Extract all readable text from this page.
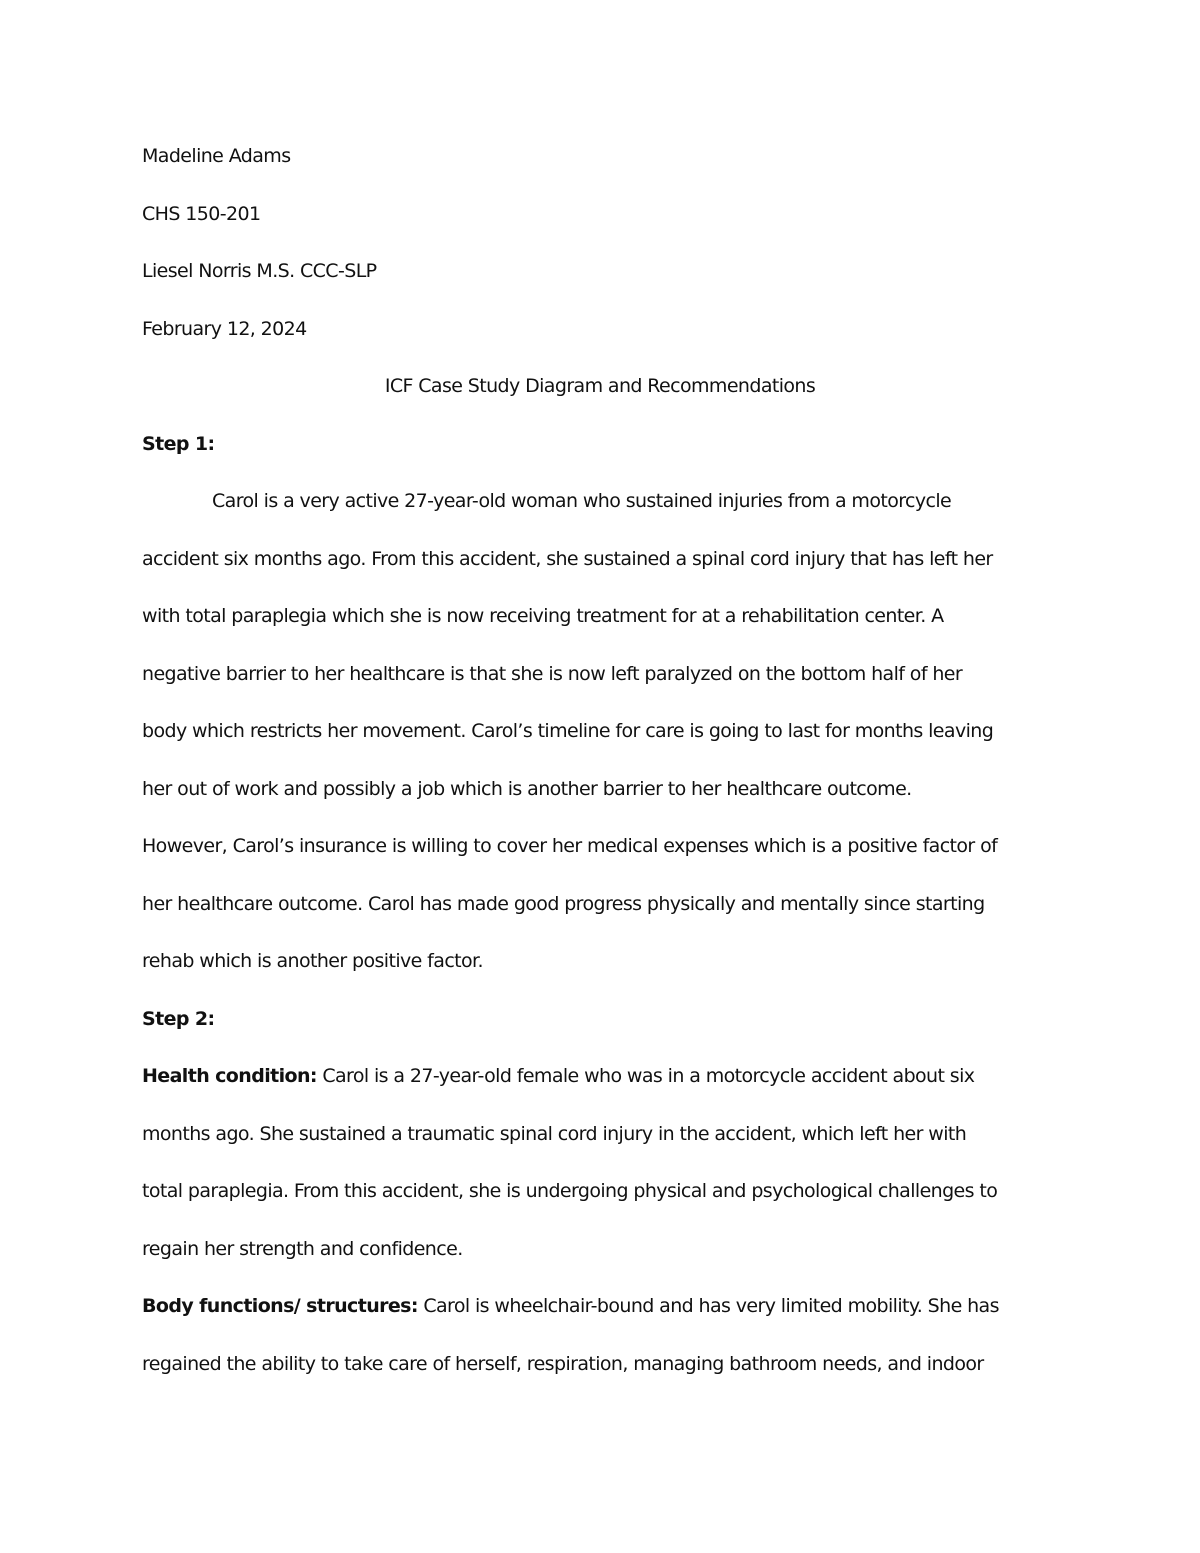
Madeline Adams
CHS 150-201
Liesel Norris M.S. CCC-SLP
February 12, 2024
ICF Case Study Diagram and Recommendations
Step 1:
Carol is a very active 27-year-old woman who sustained injuries from a motorcycle
accident six months ago. From this accident, she sustained a spinal cord injury that has left her
with total paraplegia which she is now receiving treatment for at a rehabilitation center. A
negative barrier to her healthcare is that she is now left paralyzed on the bottom half of her
body which restricts her movement. Carol’s timeline for care is going to last for months leaving
her out of work and possibly a job which is another barrier to her healthcare outcome.
However, Carol’s insurance is willing to cover her medical expenses which is a positive factor of
her healthcare outcome. Carol has made good progress physically and mentally since starting
rehab which is another positive factor.
Step 2:
Health condition: Carol is a 27-year-old female who was in a motorcycle accident about six
months ago. She sustained a traumatic spinal cord injury in the accident, which left her with
total paraplegia. From this accident, she is undergoing physical and psychological challenges to
regain her strength and confidence.
Body functions/ structures: Carol is wheelchair-bound and has very limited mobility. She has
regained the ability to take care of herself, respiration, managing bathroom needs, and indoor
